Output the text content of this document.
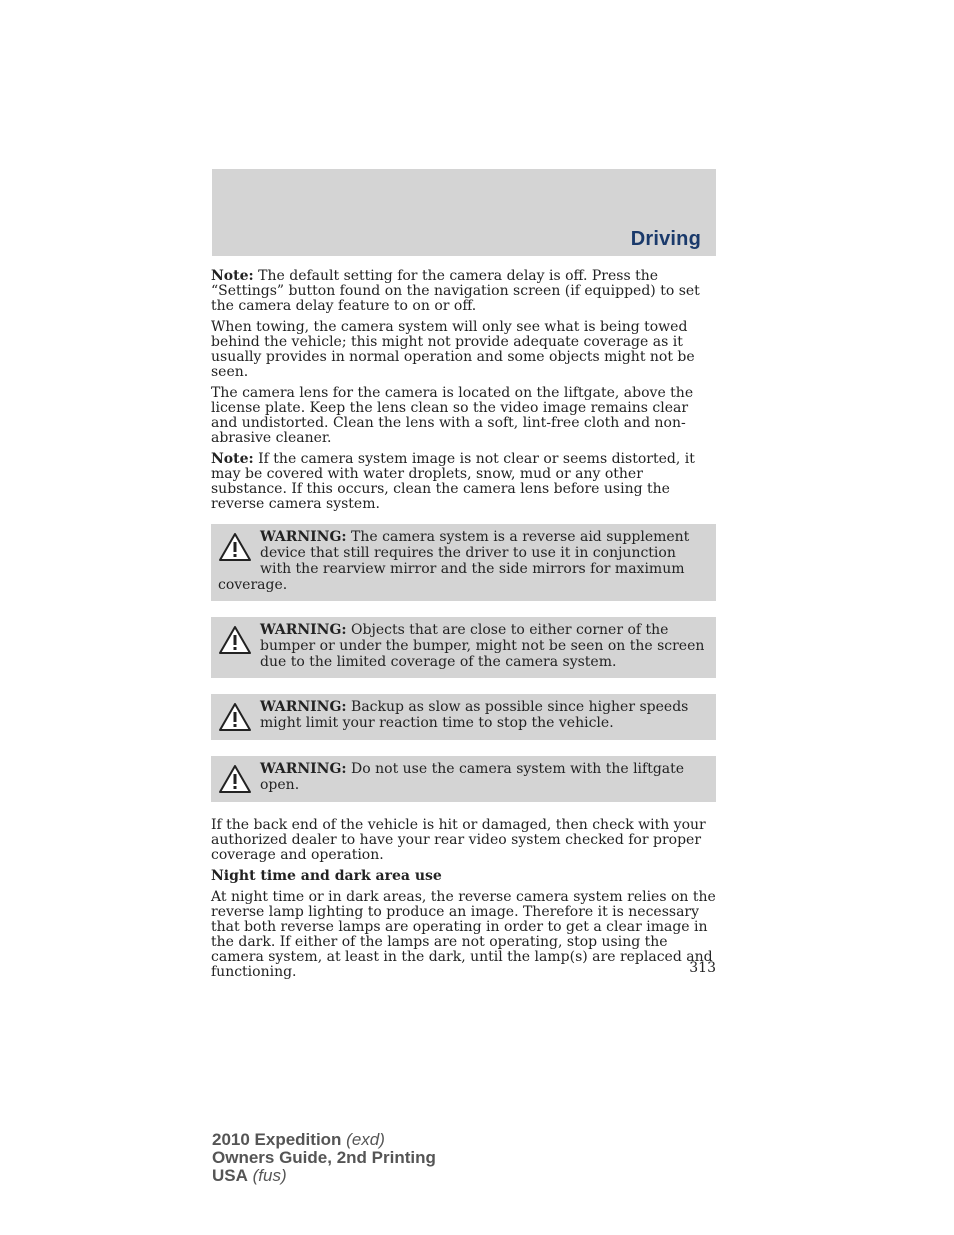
Driving

Note: The default setting for the camera delay is off. Press the “Settings” button found on the navigation screen (if equipped) to set the camera delay feature to on or off.

When towing, the camera system will only see what is being towed behind the vehicle; this might not provide adequate coverage as it usually provides in normal operation and some objects might not be seen.

The camera lens for the camera is located on the liftgate, above the license plate. Keep the lens clean so the video image remains clear and undistorted. Clean the lens with a soft, lint-free cloth and non-abrasive cleaner.

Note: If the camera system image is not clear or seems distorted, it may be covered with water droplets, snow, mud or any other substance. If this occurs, clean the camera lens before using the reverse camera system.

WARNING: The camera system is a reverse aid supplement device that still requires the driver to use it in conjunction with the rearview mirror and the side mirrors for maximum coverage.
WARNING: Objects that are close to either corner of the bumper or under the bumper, might not be seen on the screen due to the limited coverage of the camera system.
WARNING: Backup as slow as possible since higher speeds might limit your reaction time to stop the vehicle.
WARNING: Do not use the camera system with the liftgate open.

If the back end of the vehicle is hit or damaged, then check with your authorized dealer to have your rear video system checked for proper coverage and operation.

Night time and dark area use

At night time or in dark areas, the reverse camera system relies on the reverse lamp lighting to produce an image. Therefore it is necessary that both reverse lamps are operating in order to get a clear image in the dark. If either of the lamps are not operating, stop using the camera system, at least in the dark, until the lamp(s) are replaced and functioning.	313
2010 Expedition (exd)
Owners Guide, 2nd Printing
USA (fus)
